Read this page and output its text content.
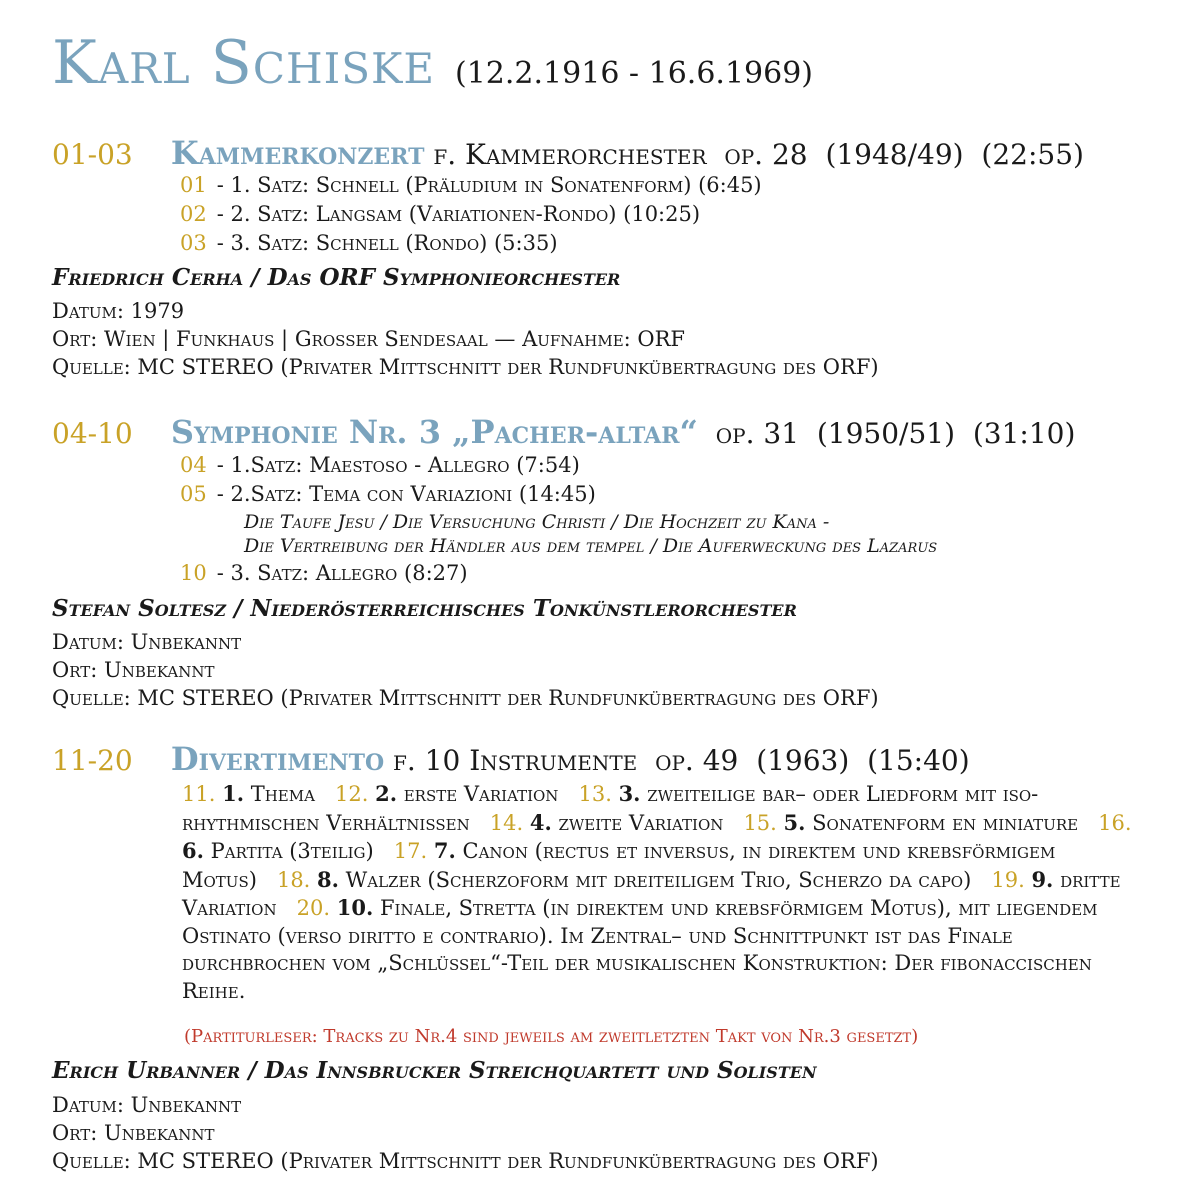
Karl Schiske (12.2.1916 - 16.6.1969)
01-03 Kammerkonzert f. Kammerorchester op. 28 (1948/49) (22:55)
01 - 1. Satz: Schnell (Präludium in Sonatenform) (6:45)
02 - 2. Satz: Langsam (Variationen-Rondo) (10:25)
03 - 3. Satz: Schnell (Rondo) (5:35)
Friedrich Cerha / Das ORF Symphonieorchester
Datum: 1979
Ort: Wien | Funkhaus | Grosser Sendesaal — Aufnahme: ORF
Quelle: MC STEREO (Privater Mittschnitt der Rundfunkübertragung des ORF)
04-10 Symphonie Nr. 3 „Pacher-altar“ op. 31 (1950/51) (31:10)
04 - 1.Satz: Maestoso - Allegro (7:54)
05 - 2.Satz: Tema con Variazioni (14:45)
Die Taufe Jesu / Die Versuchung Christi / Die Hochzeit zu Kana -
Die Vertreibung der Händler aus dem tempel / Die Auferweckung des Lazarus
10 - 3. Satz: Allegro (8:27)
Stefan Soltesz / Niederösterreichisches Tonkünstlerorchester
Datum: Unbekannt
Ort: Unbekannt
Quelle: MC STEREO (Privater Mittschnitt der Rundfunkübertragung des ORF)
11-20 Divertimento f. 10 Instrumente op. 49 (1963) (15:40)
11. 1. Thema 12. 2. erste Variation 13. 3. zweiteilige bar– oder Liedform mit iso-rhythmischen Verhältnissen 14. 4. zweite Variation 15. 5. Sonatenform en miniature 16. 6. Partita (3teilig) 17. 7. Canon (rectus et inversus, in direktem und krebsförmigem Motus) 18. 8. Walzer (Scherzoform mit dreiteiligem Trio, Scherzo da capo) 19. 9. dritte Variation 20. 10. Finale, Stretta (in direktem und krebsförmigem Motus), mit liegendem Ostinato (verso diritto e contrario). Im Zentral– und Schnittpunkt ist das Finale durchbrochen vom „Schlüssel“-Teil der musikalischen Konstruktion: Der fibonaccischen Reihe.
(Partiturleser: Tracks zu Nr.4 sind jeweils am zweitletzten Takt von Nr.3 gesetzt)
Erich Urbanner / Das Innsbrucker Streichquartett und Solisten
Datum: Unbekannt
Ort: Unbekannt
Quelle: MC STEREO (Privater Mittschnitt der Rundfunkübertragung des ORF)
